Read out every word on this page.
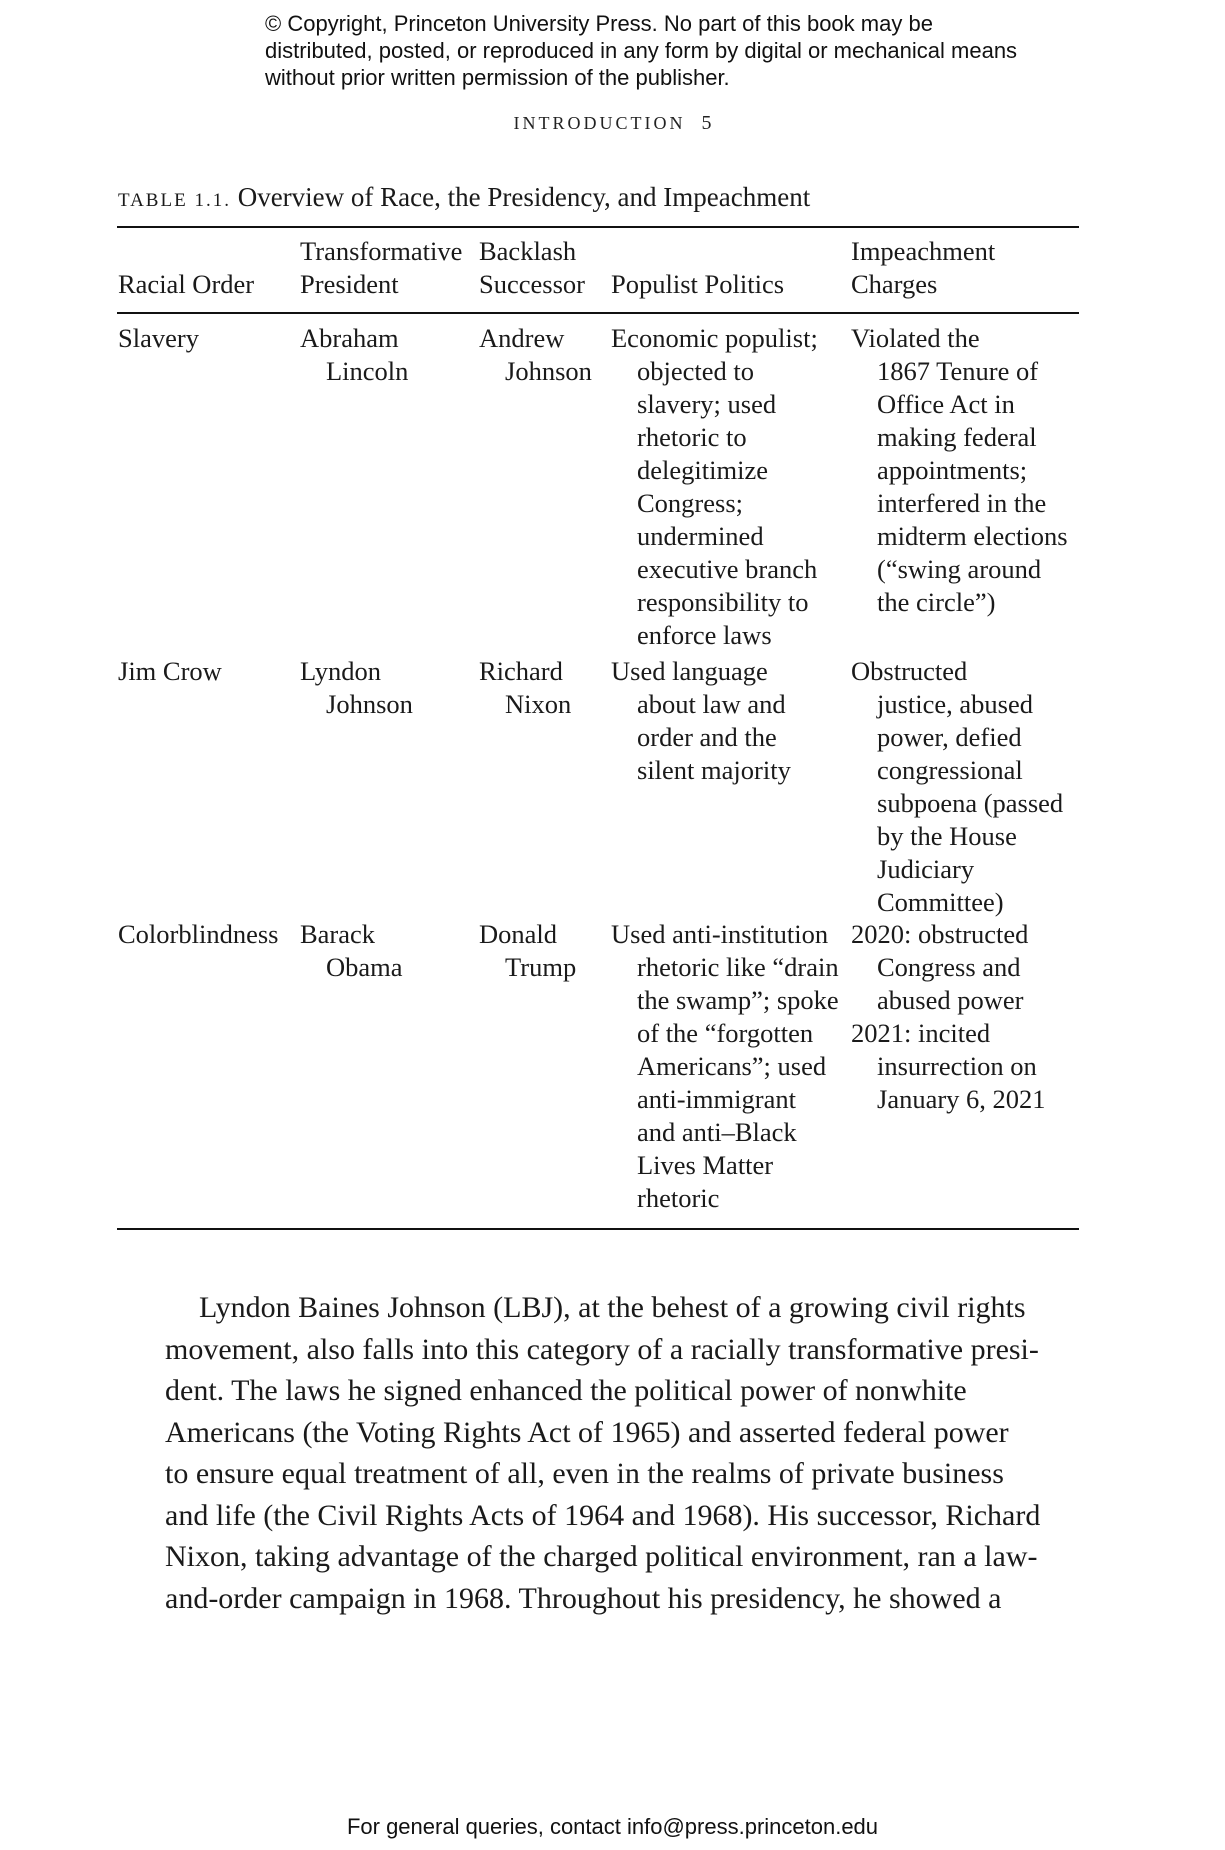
© Copyright, Princeton University Press. No part of this book may be distributed, posted, or reproduced in any form by digital or mechanical means without prior written permission of the publisher.
INTRODUCTION 5
TABLE 1.1. Overview of Race, the Presidency, and Impeachment
Racial Order
Transformative
President
Backlash
Successor Populist Politics
Impeachment
Charges
Slavery	Abraham
Lincoln
Andrew
Johnson
Economic populist;
objected to
slavery; used
rhetoric to
delegitimize
Congress;
undermined
executive branch
responsibility to
enforce laws
Violated the
1867 Tenure of
Office Act in
making federal
appointments;
interfered in the
midterm elections
(“swing around
the circle”)
Jim Crow	Lyndon
Johnson
Richard
Nixon
Used language
about law and
order and the
silent majority
Obstructed
justice, abused
power, defied
congressional
subpoena (passed
by the House
Judiciary
Committee)
Colorblindness Barack
Obama
Donald
Trump
Used anti-institution
rhetoric like “drain
the swamp”; spoke
of the “forgotten
Americans”; used
anti-immigrant
and anti–Black
Lives Matter
rhetoric
2020: obstructed
Congress and
abused power
2021: incited
insurrection on
January 6, 2021
Lyndon Baines Johnson (LBJ), at the behest of a growing civil rights
movement, also falls into this category of a racially transformative presi-
dent. The laws he signed enhanced the political power of nonwhite
Americans (the Voting Rights Act of 1965) and asserted federal power
to ensure equal treatment of all, even in the realms of private business
and life (the Civil Rights Acts of 1964 and 1968). His successor, Richard
Nixon, taking advantage of the charged political environment, ran a law-
and-order campaign in 1968. Throughout his presidency, he showed a
For general queries, contact info@press.princeton.edu
